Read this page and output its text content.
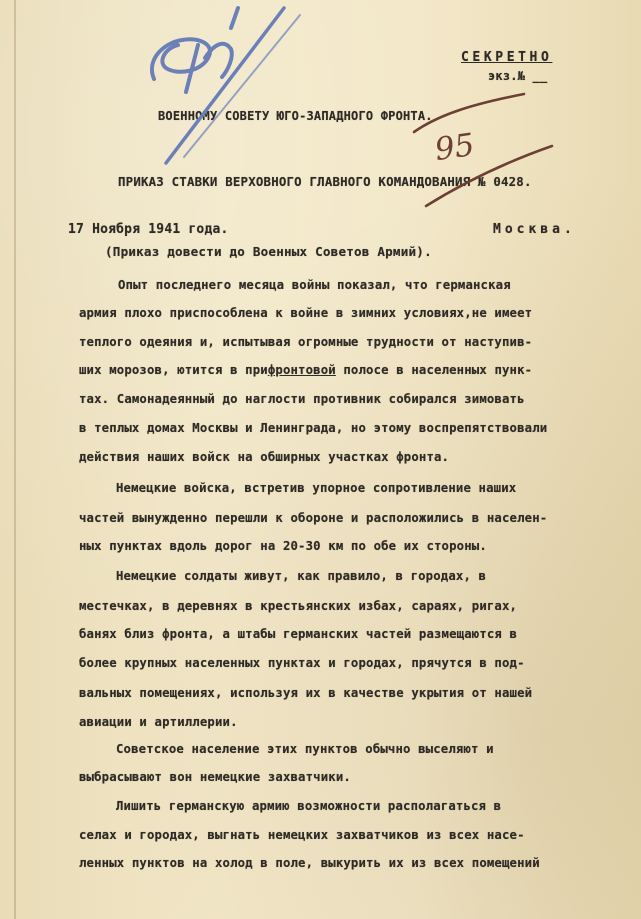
СЕКРЕТНО
экз.№ __
ВОЕННОМУ СОВЕТУ ЮГО-ЗАПАДНОГО ФРОНТА.
ПРИКАЗ СТАВКИ ВЕРХОВНОГО ГЛАВНОГО КОМАНДОВАНИЯ № 0428.
17 Ноября 1941 года.	Москва.
(Приказ довести до Военных Советов Армий).
Опыт последнего месяца войны показал, что германская
армия плохо приспособлена к войне в зимних условиях,не имеет
теплого одеяния и, испытывая огромные трудности от наступив-
ших морозов, ютится в прифронтовой полосе в населенных пунк-
тах. Самонадеянный до наглости противник собирался зимовать
в теплых домах Москвы и Ленинграда, но этому воспрепятствовали
действия наших войск на обширных участках фронта.
Немецкие войска, встретив упорное сопротивление наших
частей вынужденно перешли к обороне и расположились в населен-
ных пунктах вдоль дорог на 20-30 км по обе их стороны.
Немецкие солдаты живут, как правило, в городах, в
местечках, в деревнях в крестьянских избах, сараях, ригах,
банях близ фронта, а штабы германских частей размещаются в
более крупных населенных пунктах и городах, прячутся в под-
вальных помещениях, используя их в качестве укрытия от нашей
авиации и артиллерии.
Советское население этих пунктов обычно выселяют и
выбрасывают вон немецкие захватчики.
Лишить германскую армию возможности располагаться в
селах и городах, выгнать немецких захватчиков из всех насе-
ленных пунктов на холод в поле, выкурить их из всех помещений
95
